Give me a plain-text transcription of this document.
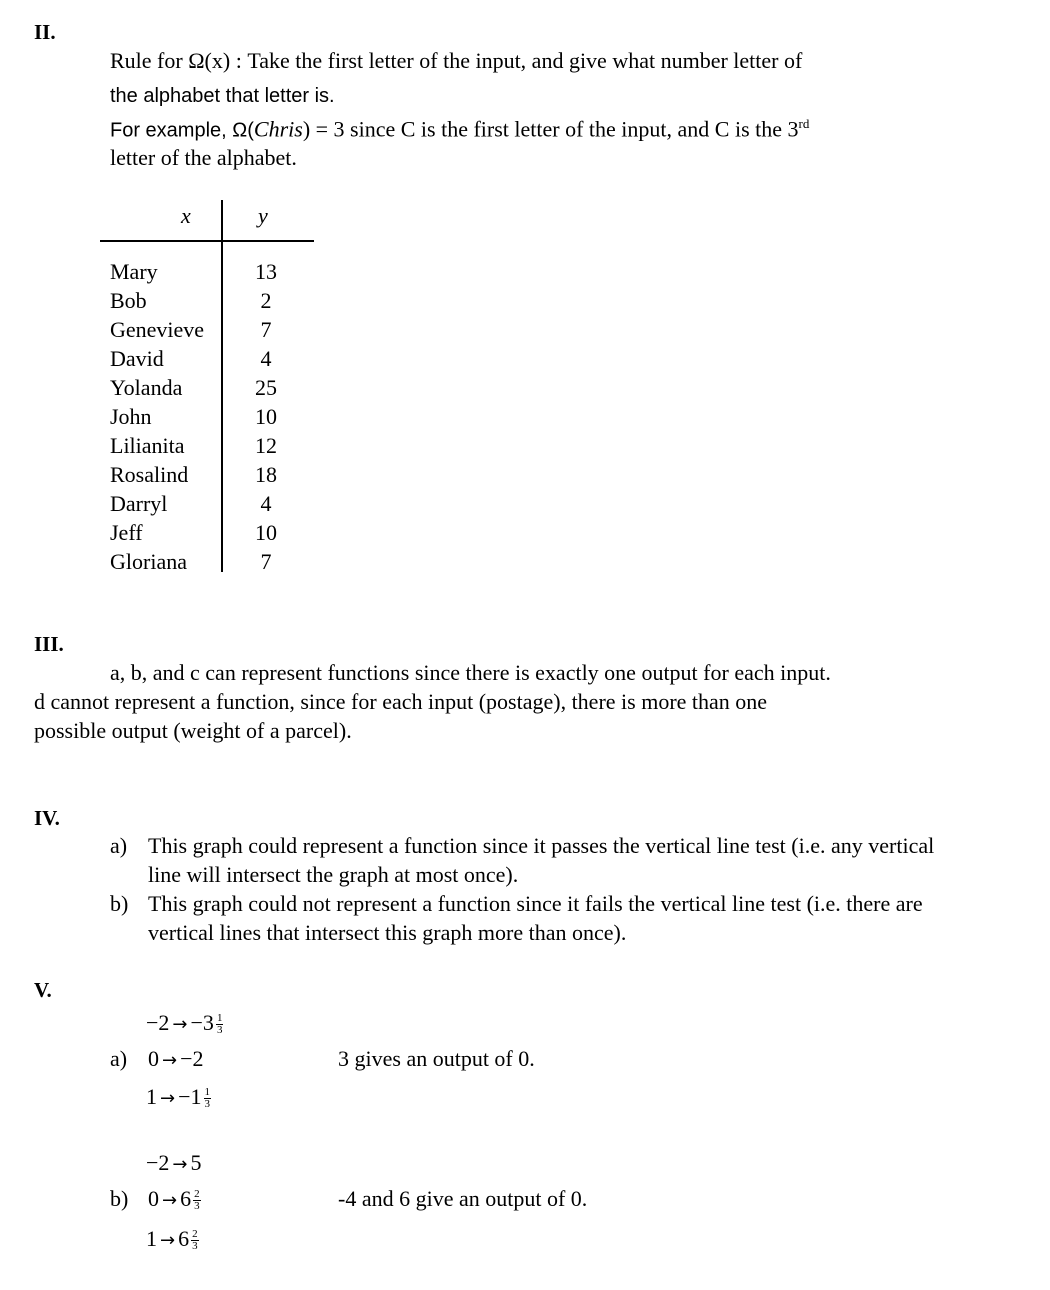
II.
Rule for Ω(x) : Take the first letter of the input, and give what number letter of
the alphabet that letter is.
For example, Ω(Chris) = 3 since C is the first letter of the input, and C is the 3rd
letter of the alphabet.
x	y
Mary
Bob
Genevieve
David
Yolanda
John
Lilianita
Rosalind
Darryl
Jeff
Gloriana
13
2
7
4
25
10
12
18
4
10
7
III.
a, b, and c can represent functions since there is exactly one output for each input.
d cannot represent a function, since for each input (postage), there is more than one
possible output (weight of a parcel).
IV.
a) This graph could represent a function since it passes the vertical line test (i.e. any vertical line will intersect the graph at most once).
b) This graph could not represent a function since it fails the vertical line test (i.e. there are vertical lines that intersect this graph more than once).
V.
$-2 \to -3 \frac{1}{3}$
a) 0 → −2
$1 \to -1 \frac{1}{3}$
3 gives an output of 0.
−2 → 5
b) $0 \to 6 \frac{2}{3}$
$1 \to 6 \frac{2}{3}$
-4 and 6 give an output of 0.
